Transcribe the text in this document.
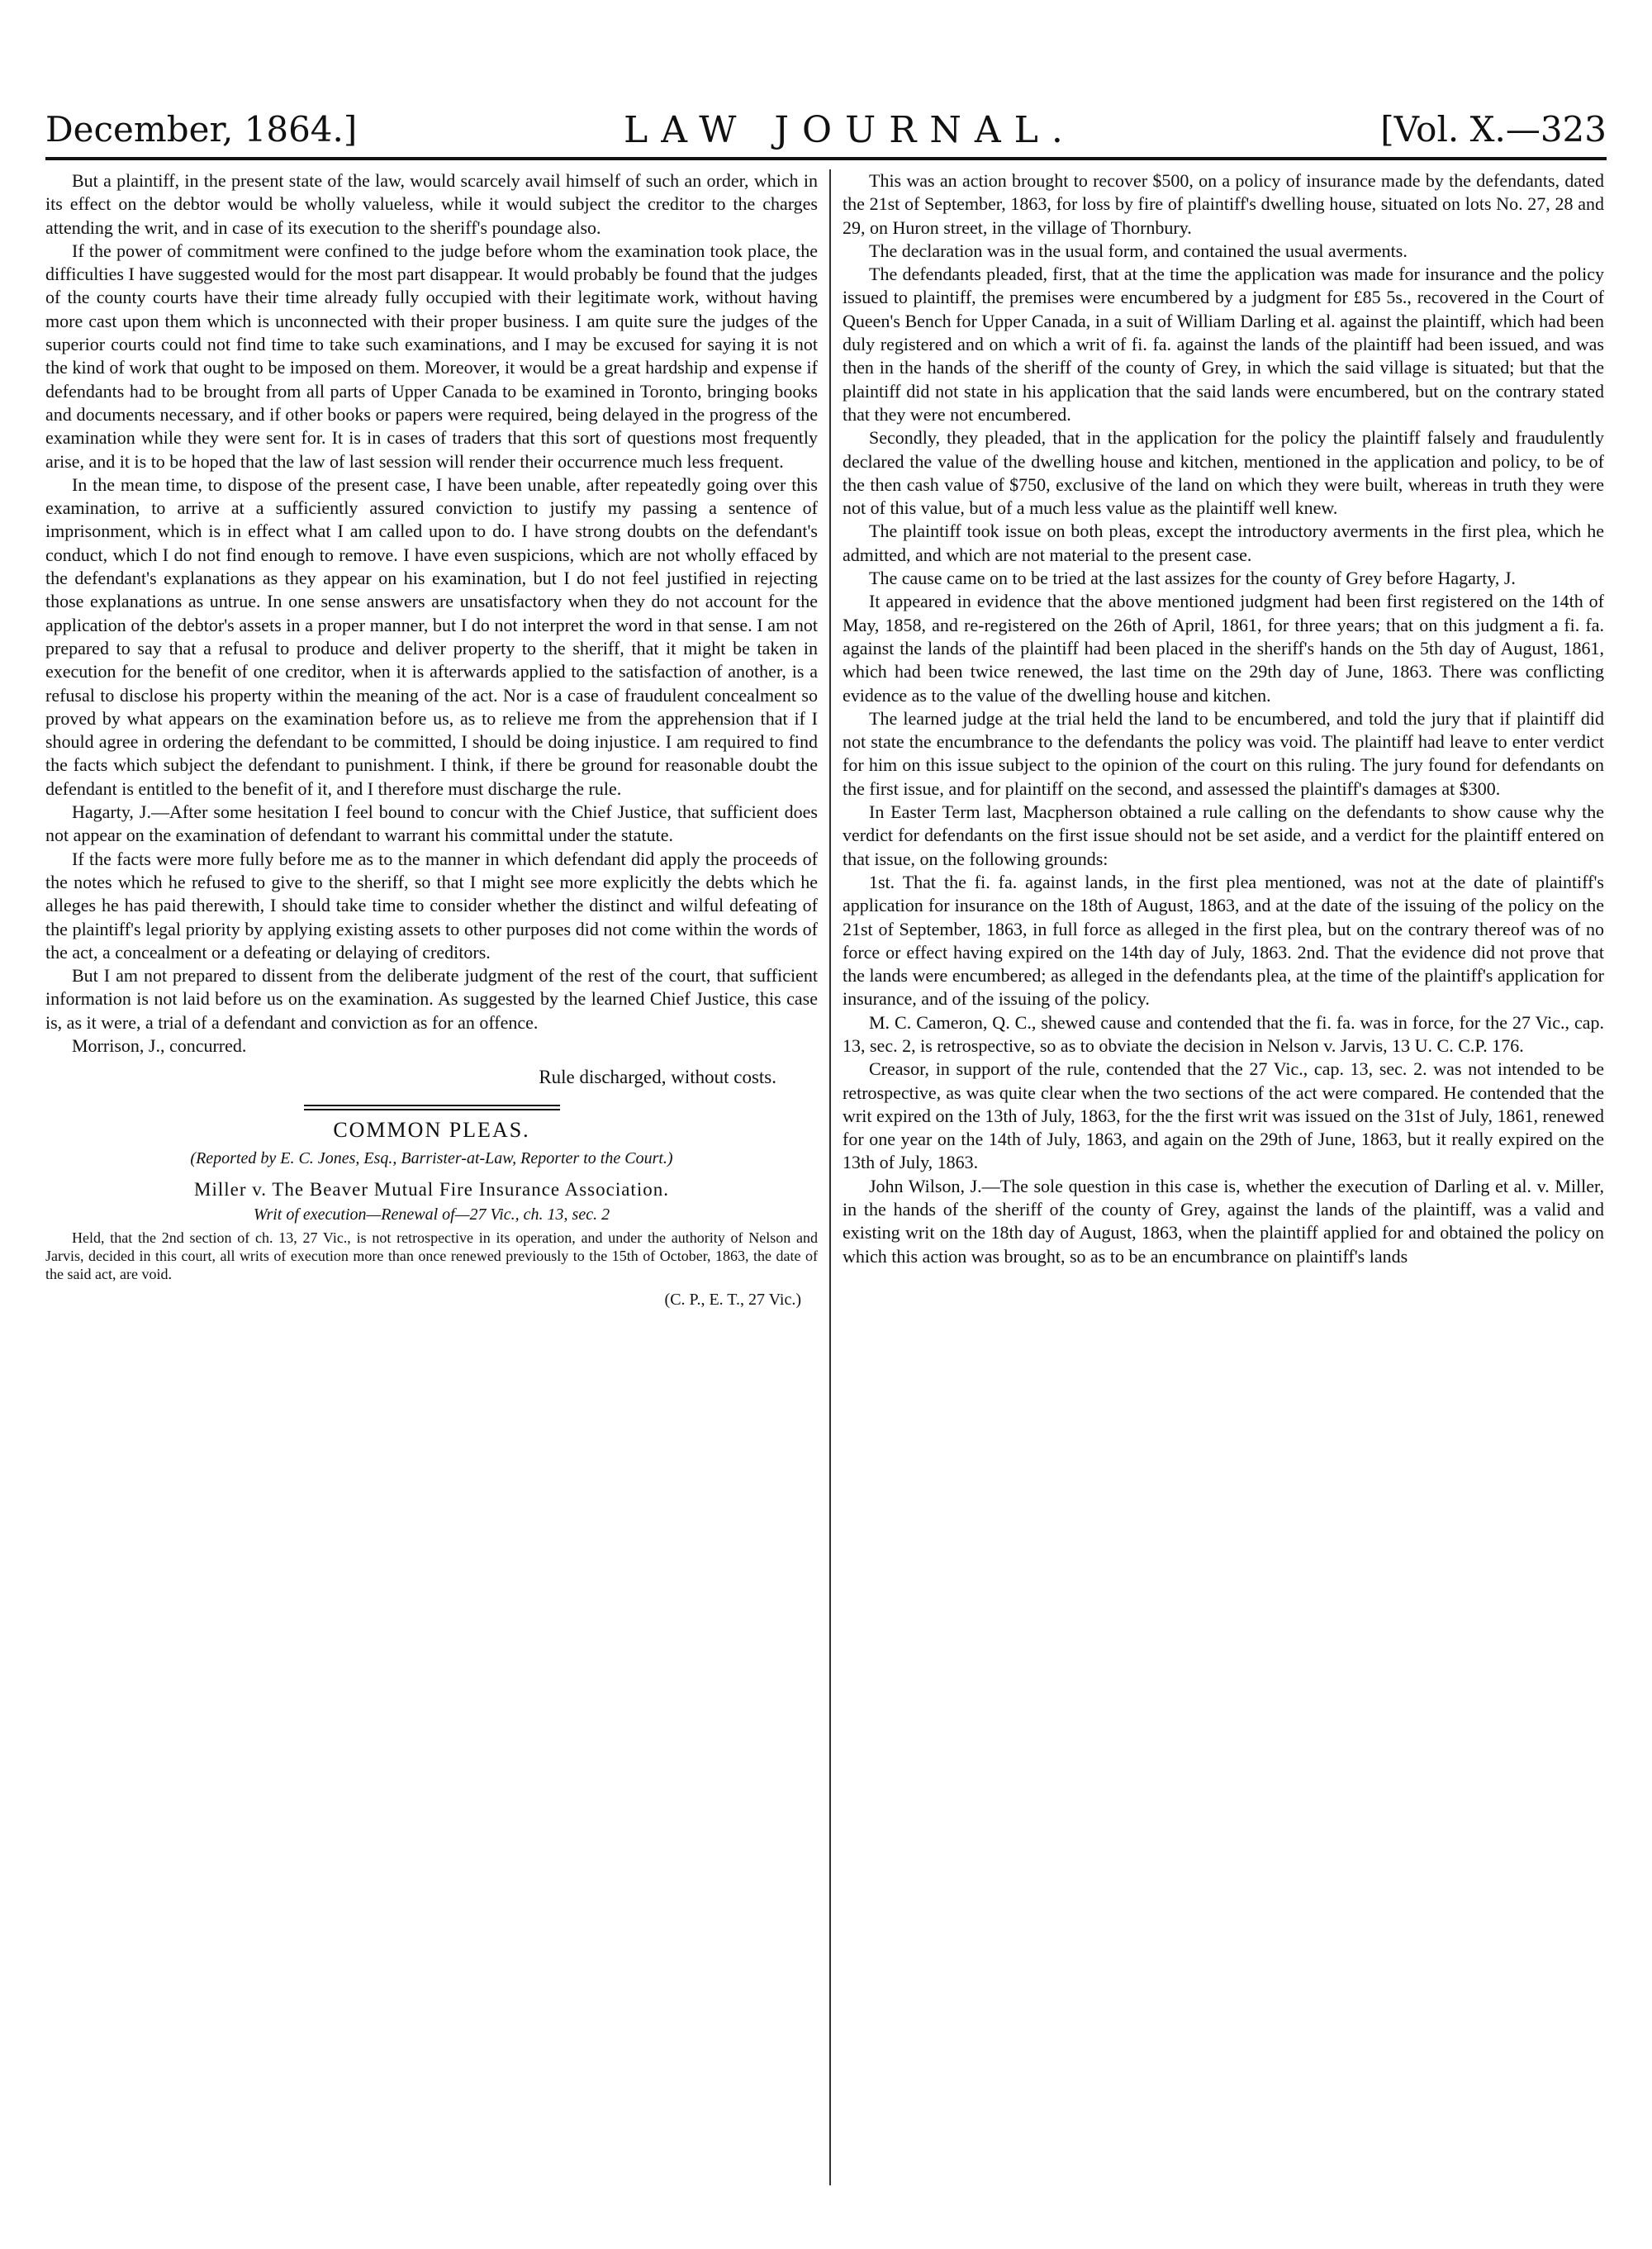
December, 1864.]	LAW JOURNAL.	[Vol. X.—323

But a plaintiff, in the present state of the law, would scarcely avail himself of such an order, which in its effect on the debtor would be wholly valueless, while it would subject the creditor to the charges attending the writ, and in case of its execution to the sheriff's poundage also.

If the power of commitment were confined to the judge before whom the examination took place, the difficulties I have suggested would for the most part disappear. It would probably be found that the judges of the county courts have their time already fully occupied with their legitimate work, without having more cast upon them which is unconnected with their proper business. I am quite sure the judges of the superior courts could not find time to take such examinations, and I may be excused for saying it is not the kind of work that ought to be imposed on them. Moreover, it would be a great hardship and expense if defendants had to be brought from all parts of Upper Canada to be examined in Toronto, bringing books and documents necessary, and if other books or papers were required, being delayed in the progress of the examination while they were sent for. It is in cases of traders that this sort of questions most frequently arise, and it is to be hoped that the law of last session will render their occurrence much less frequent.

In the mean time, to dispose of the present case, I have been unable, after repeatedly going over this examination, to arrive at a sufficiently assured conviction to justify my passing a sentence of imprisonment, which is in effect what I am called upon to do. I have strong doubts on the defendant's conduct, which I do not find enough to remove. I have even suspicions, which are not wholly effaced by the defendant's explanations as they appear on his examination, but I do not feel justified in rejecting those explanations as untrue. In one sense answers are unsatisfactory when they do not account for the application of the debtor's assets in a proper manner, but I do not interpret the word in that sense. I am not prepared to say that a refusal to produce and deliver property to the sheriff, that it might be taken in execution for the benefit of one creditor, when it is afterwards applied to the satisfaction of another, is a refusal to disclose his property within the meaning of the act. Nor is a case of fraudulent concealment so proved by what appears on the examination before us, as to relieve me from the apprehension that if I should agree in ordering the defendant to be committed, I should be doing injustice. I am required to find the facts which subject the defendant to punishment. I think, if there be ground for reasonable doubt the defendant is entitled to the benefit of it, and I therefore must discharge the rule.

Hagarty, J.—After some hesitation I feel bound to concur with the Chief Justice, that sufficient does not appear on the examination of defendant to warrant his committal under the statute.

If the facts were more fully before me as to the manner in which defendant did apply the proceeds of the notes which he refused to give to the sheriff, so that I might see more explicitly the debts which he alleges he has paid therewith, I should take time to consider whether the distinct and wilful defeating of the plaintiff's legal priority by applying existing assets to other purposes did not come within the words of the act, a concealment or a defeating or delaying of creditors.

But I am not prepared to dissent from the deliberate judgment of the rest of the court, that sufficient information is not laid before us on the examination. As suggested by the learned Chief Justice, this case is, as it were, a trial of a defendant and conviction as for an offence.

Morrison, J., concurred.

Rule discharged, without costs.

COMMON PLEAS.

(Reported by E. C. Jones, Esq., Barrister-at-Law, Reporter to the Court.)

Miller v. The Beaver Mutual Fire Insurance Association.

Writ of execution—Renewal of—27 Vic., ch. 13, sec. 2

Held, that the 2nd section of ch. 13, 27 Vic., is not retrospective in its operation, and under the authority of Nelson and Jarvis, decided in this court, all writs of execution more than once renewed previously to the 15th of October, 1863, the date of the said act, are void.

(C. P., E. T., 27 Vic.)

This was an action brought to recover $500, on a policy of insurance made by the defendants, dated the 21st of September, 1863, for loss by fire of plaintiff's dwelling house, situated on lots No. 27, 28 and 29, on Huron street, in the village of Thornbury.

The declaration was in the usual form, and contained the usual averments.

The defendants pleaded, first, that at the time the application was made for insurance and the policy issued to plaintiff, the premises were encumbered by a judgment for £85 5s., recovered in the Court of Queen's Bench for Upper Canada, in a suit of William Darling et al. against the plaintiff, which had been duly registered and on which a writ of fi. fa. against the lands of the plaintiff had been issued, and was then in the hands of the sheriff of the county of Grey, in which the said village is situated; but that the plaintiff did not state in his application that the said lands were encumbered, but on the contrary stated that they were not encumbered.

Secondly, they pleaded, that in the application for the policy the plaintiff falsely and fraudulently declared the value of the dwelling house and kitchen, mentioned in the application and policy, to be of the then cash value of $750, exclusive of the land on which they were built, whereas in truth they were not of this value, but of a much less value as the plaintiff well knew.

The plaintiff took issue on both pleas, except the introductory averments in the first plea, which he admitted, and which are not material to the present case.

The cause came on to be tried at the last assizes for the county of Grey before Hagarty, J.

It appeared in evidence that the above mentioned judgment had been first registered on the 14th of May, 1858, and re-registered on the 26th of April, 1861, for three years; that on this judgment a fi. fa. against the lands of the plaintiff had been placed in the sheriff's hands on the 5th day of August, 1861, which had been twice renewed, the last time on the 29th day of June, 1863. There was conflicting evidence as to the value of the dwelling house and kitchen.

The learned judge at the trial held the land to be encumbered, and told the jury that if plaintiff did not state the encumbrance to the defendants the policy was void. The plaintiff had leave to enter verdict for him on this issue subject to the opinion of the court on this ruling. The jury found for defendants on the first issue, and for plaintiff on the second, and assessed the plaintiff's damages at $300.

In Easter Term last, Macpherson obtained a rule calling on the defendants to show cause why the verdict for defendants on the first issue should not be set aside, and a verdict for the plaintiff entered on that issue, on the following grounds:

1st. That the fi. fa. against lands, in the first plea mentioned, was not at the date of plaintiff's application for insurance on the 18th of August, 1863, and at the date of the issuing of the policy on the 21st of September, 1863, in full force as alleged in the first plea, but on the contrary thereof was of no force or effect having expired on the 14th day of July, 1863. 2nd. That the evidence did not prove that the lands were encumbered; as alleged in the defendants plea, at the time of the plaintiff's application for insurance, and of the issuing of the policy.

M. C. Cameron, Q. C., shewed cause and contended that the fi. fa. was in force, for the 27 Vic., cap. 13, sec. 2, is retrospective, so as to obviate the decision in Nelson v. Jarvis, 13 U. C. C.P. 176.

Creasor, in support of the rule, contended that the 27 Vic., cap. 13, sec. 2. was not intended to be retrospective, as was quite clear when the two sections of the act were compared. He contended that the writ expired on the 13th of July, 1863, for the the first writ was issued on the 31st of July, 1861, renewed for one year on the 14th of July, 1863, and again on the 29th of June, 1863, but it really expired on the 13th of July, 1863.

John Wilson, J.—The sole question in this case is, whether the execution of Darling et al. v. Miller, in the hands of the sheriff of the county of Grey, against the lands of the plaintiff, was a valid and existing writ on the 18th day of August, 1863, when the plaintiff applied for and obtained the policy on which this action was brought, so as to be an encumbrance on plaintiff's lands
